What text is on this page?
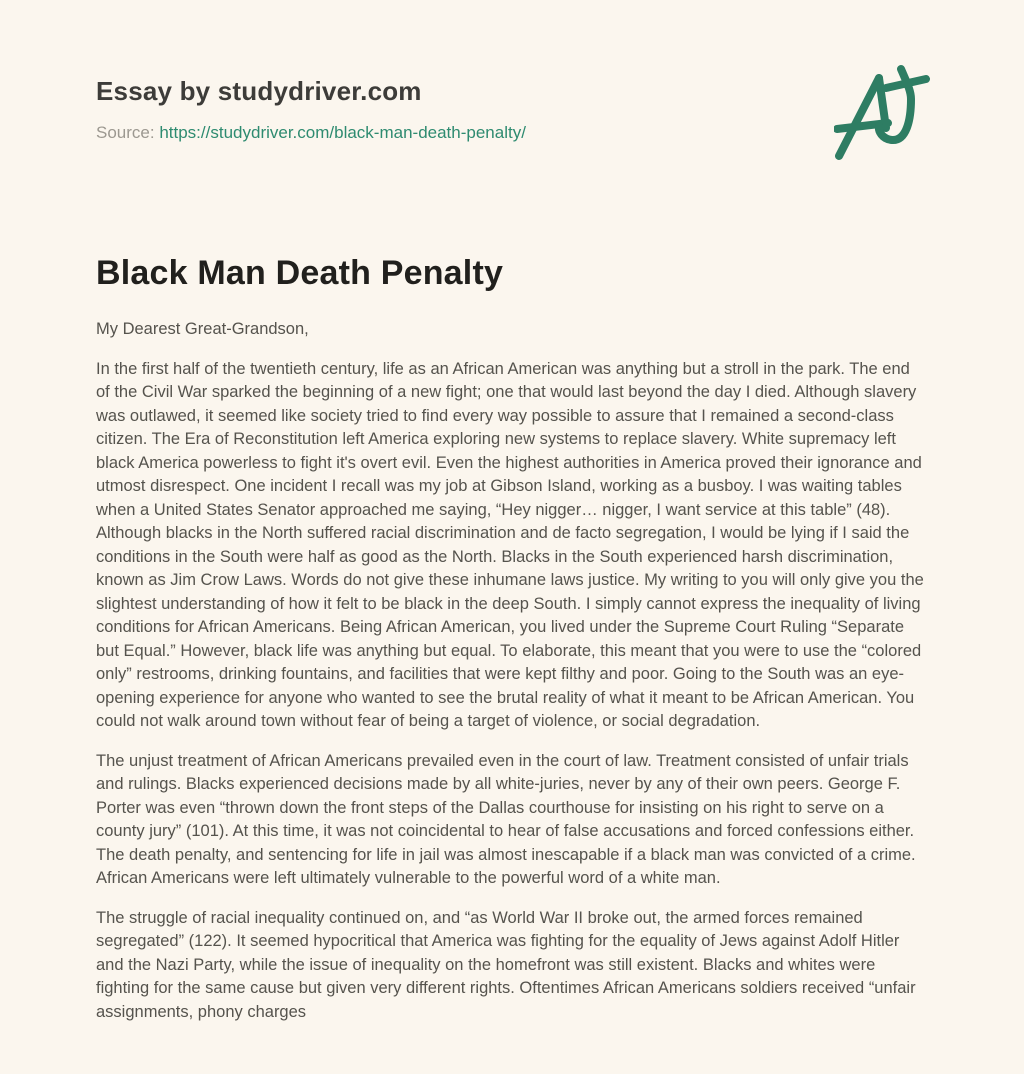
Essay by studydriver.com

Source: https://studydriver.com/black-man-death-penalty/

Black Man Death Penalty

My Dearest Great-Grandson,

In the first half of the twentieth century, life as an African American was anything but a stroll in the park. The end of the Civil War sparked the beginning of a new fight; one that would last beyond the day I died. Although slavery was outlawed, it seemed like society tried to find every way possible to assure that I remained a second-class citizen. The Era of Reconstitution left America exploring new systems to replace slavery. White supremacy left black America powerless to fight it's overt evil. Even the highest authorities in America proved their ignorance and utmost disrespect. One incident I recall was my job at Gibson Island, working as a busboy. I was waiting tables when a United States Senator approached me saying, “Hey nigger… nigger, I want service at this table” (48). Although blacks in the North suffered racial discrimination and de facto segregation, I would be lying if I said the conditions in the South were half as good as the North. Blacks in the South experienced harsh discrimination, known as Jim Crow Laws. Words do not give these inhumane laws justice. My writing to you will only give you the slightest understanding of how it felt to be black in the deep South. I simply cannot express the inequality of living conditions for African Americans. Being African American, you lived under the Supreme Court Ruling “Separate but Equal.” However, black life was anything but equal. To elaborate, this meant that you were to use the “colored only” restrooms, drinking fountains, and facilities that were kept filthy and poor. Going to the South was an eye-opening experience for anyone who wanted to see the brutal reality of what it meant to be African American. You could not walk around town without fear of being a target of violence, or social degradation.

The unjust treatment of African Americans prevailed even in the court of law. Treatment consisted of unfair trials and rulings. Blacks experienced decisions made by all white-juries, never by any of their own peers. George F. Porter was even “thrown down the front steps of the Dallas courthouse for insisting on his right to serve on a county jury” (101). At this time, it was not coincidental to hear of false accusations and forced confessions either. The death penalty, and sentencing for life in jail was almost inescapable if a black man was convicted of a crime. African Americans were left ultimately vulnerable to the powerful word of a white man.

The struggle of racial inequality continued on, and “as World War II broke out, the armed forces remained segregated” (122). It seemed hypocritical that America was fighting for the equality of Jews against Adolf Hitler and the Nazi Party, while the issue of inequality on the homefront was still existent. Blacks and whites were fighting for the same cause but given very different rights. Oftentimes African Americans soldiers received “unfair assignments, phony charges
